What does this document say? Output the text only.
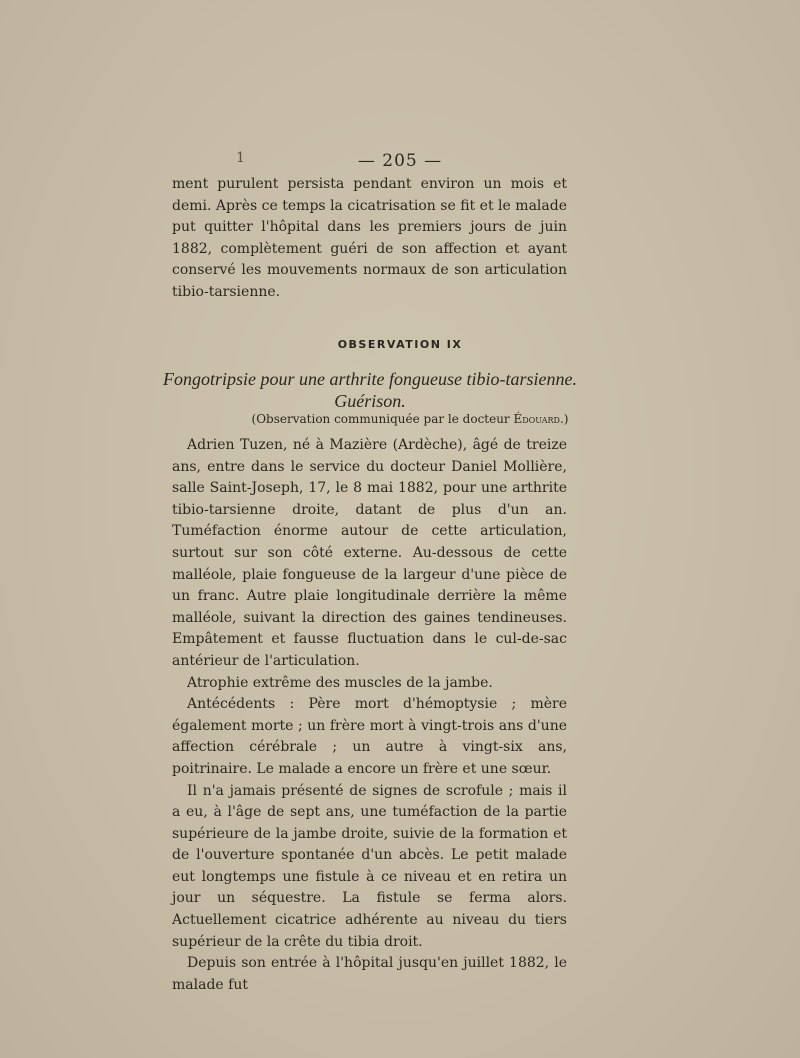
1	— 205 —

ment purulent persista pendant environ un mois et demi. Après ce temps la cicatrisation se fit et le malade put quitter l'hôpital dans les premiers jours de juin 1882, complètement guéri de son affection et ayant conservé les mouvements normaux de son articulation tibio-tarsienne.

OBSERVATION IX
Fongotripsie pour une arthrite fongueuse tibio-tarsienne.
Guérison.
(Observation communiquée par le docteur Édouard.)

Adrien Tuzen, né à Mazière (Ardèche), âgé de treize ans, entre dans le service du docteur Daniel Mollière, salle Saint-Joseph, 17, le 8 mai 1882, pour une arthrite tibio-tarsienne droite, datant de plus d'un an. Tuméfaction énorme autour de cette articulation, surtout sur son côté externe. Au-dessous de cette malléole, plaie fongueuse de la largeur d'une pièce de un franc. Autre plaie longitudinale derrière la même malléole, suivant la direction des gaines tendineuses. Empâtement et fausse fluctuation dans le cul-de-sac antérieur de l'articulation.

Atrophie extrême des muscles de la jambe.

Antécédents : Père mort d'hémoptysie ; mère également morte ; un frère mort à vingt-trois ans d'une affection cérébrale ; un autre à vingt-six ans, poitrinaire. Le malade a encore un frère et une sœur.

Il n'a jamais présenté de signes de scrofule ; mais il a eu, à l'âge de sept ans, une tuméfaction de la partie supérieure de la jambe droite, suivie de la formation et de l'ouverture spontanée d'un abcès. Le petit malade eut longtemps une fistule à ce niveau et en retira un jour un séquestre. La fistule se ferma alors. Actuellement cicatrice adhérente au niveau du tiers supérieur de la crête du tibia droit.

Depuis son entrée à l'hôpital jusqu'en juillet 1882, le malade fut
